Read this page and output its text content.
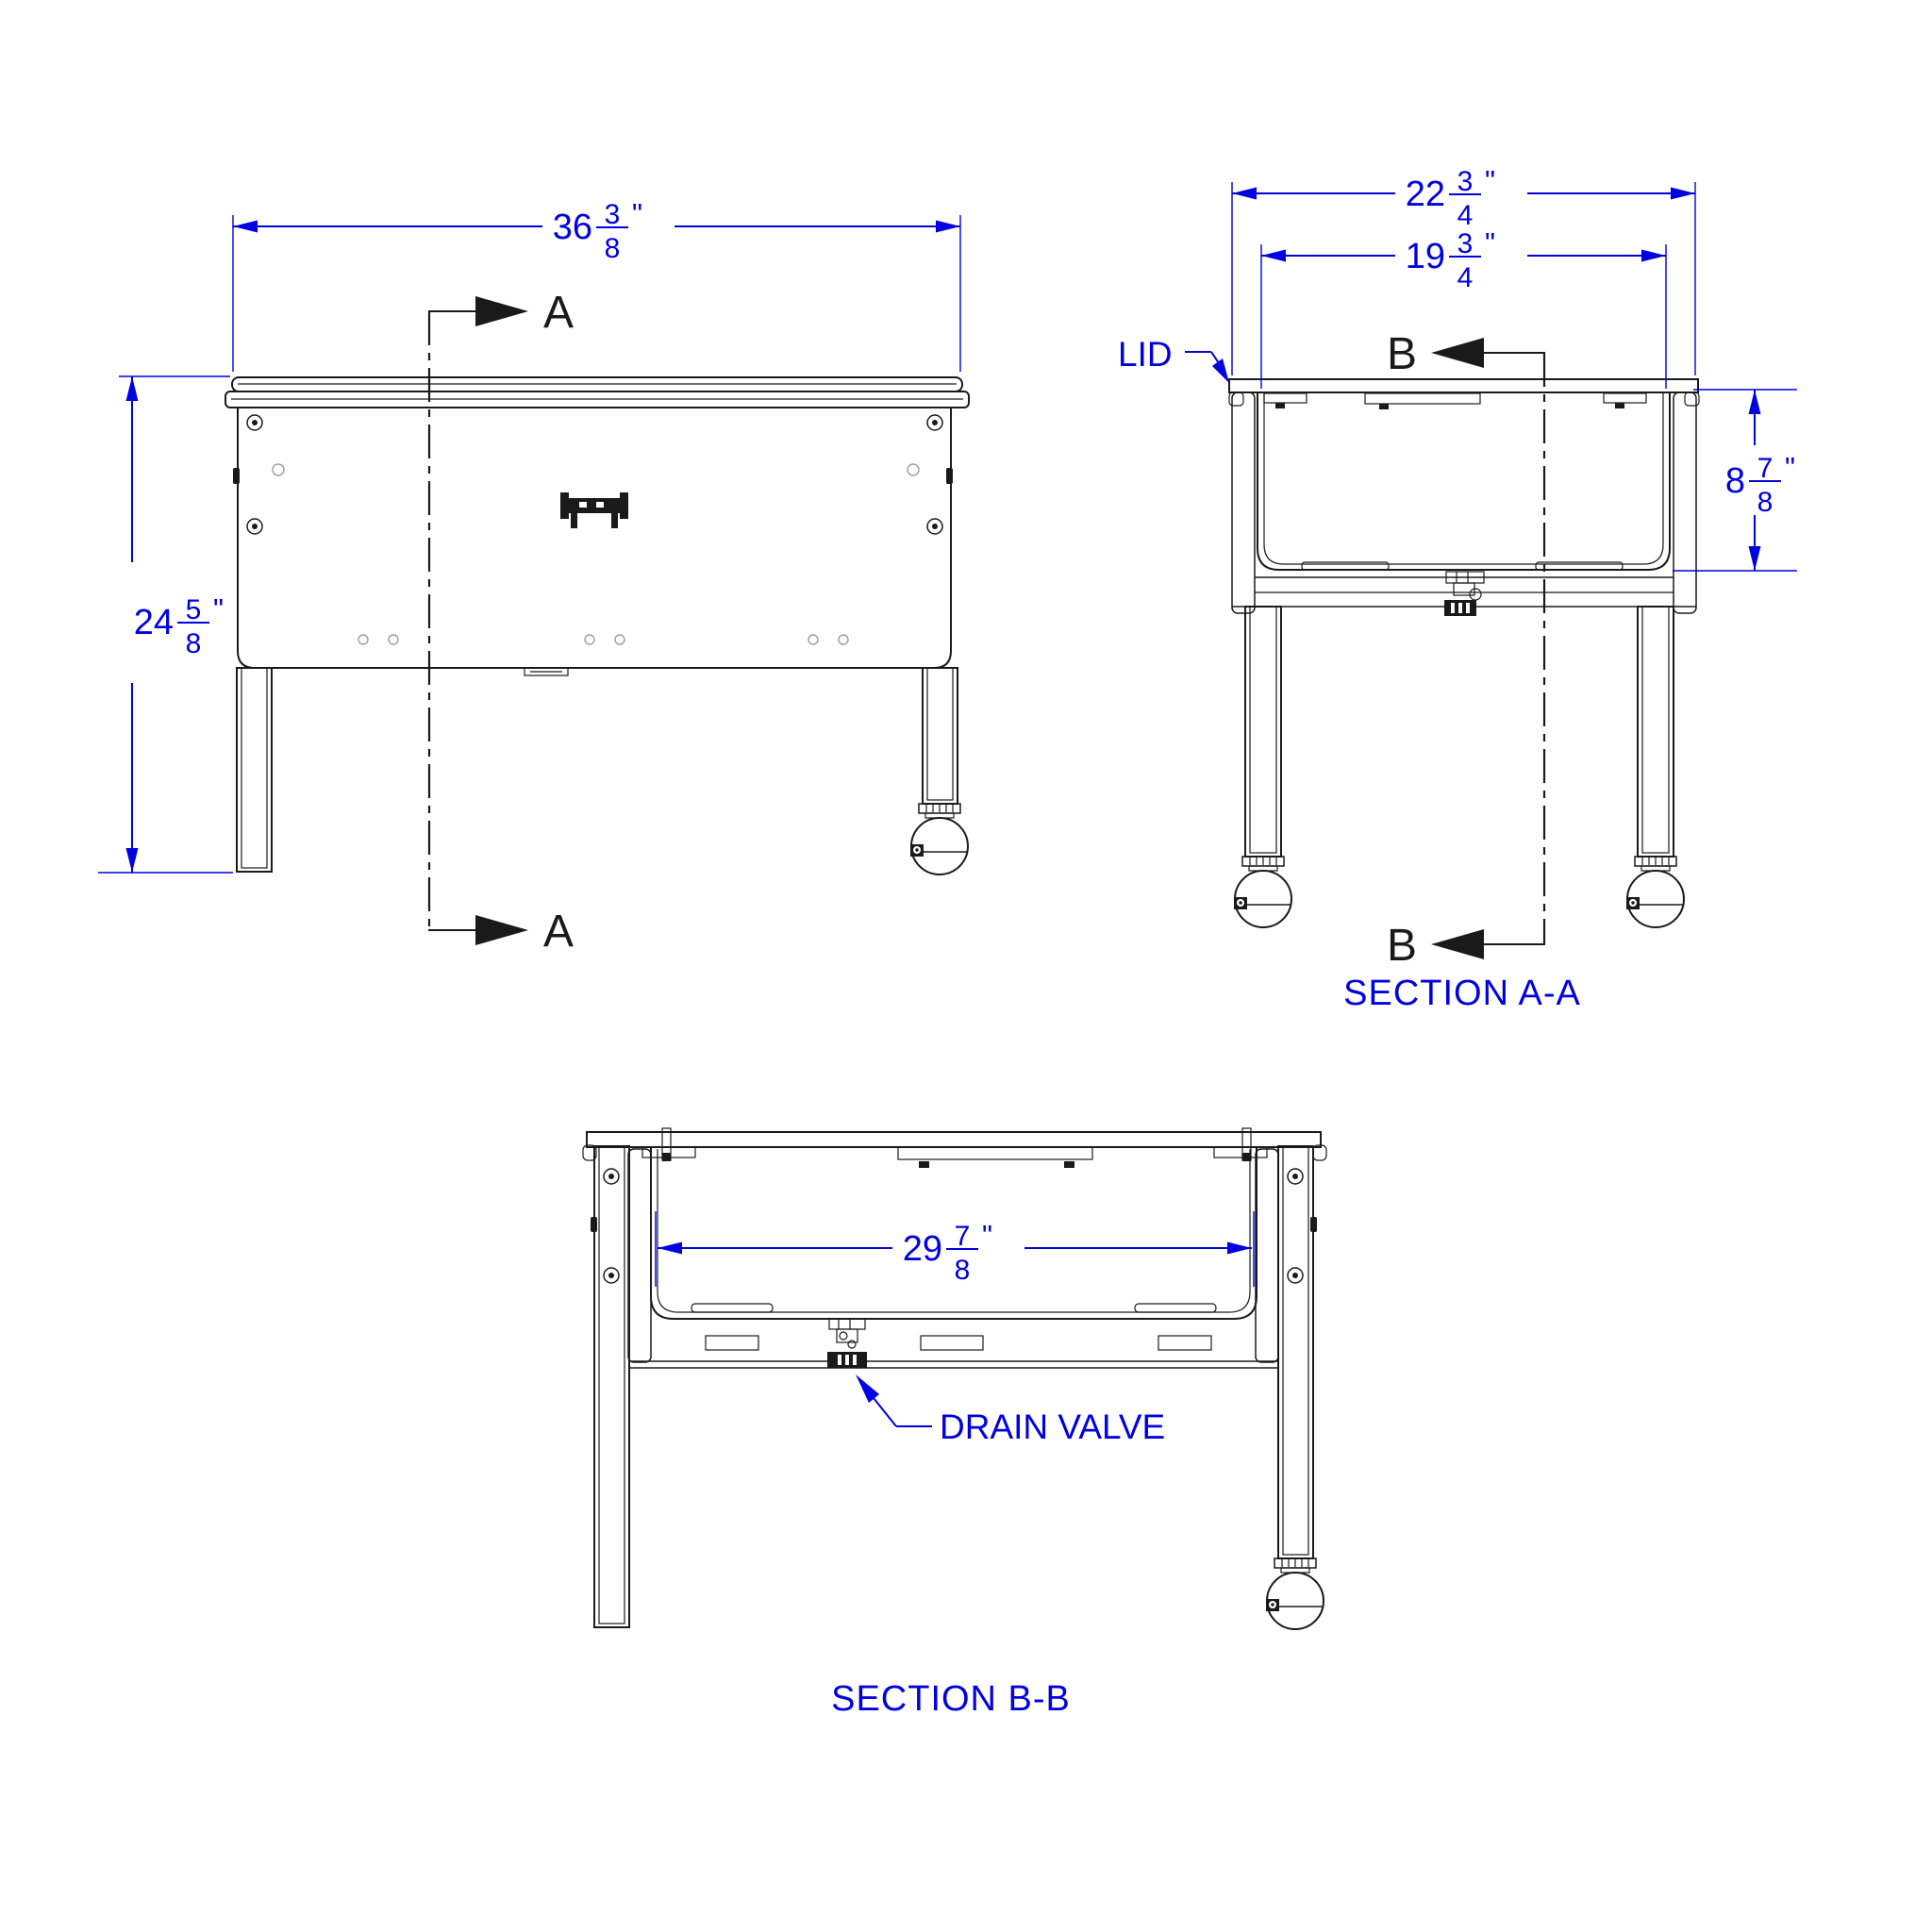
36 3
8
"
24 5
8
"
A
A
LID
22 3
4
"
19 3
4
"
8 7
8
"
B
B
SECTION A-A
29 7
8
"
DRAIN VALVE
SECTION B-B
